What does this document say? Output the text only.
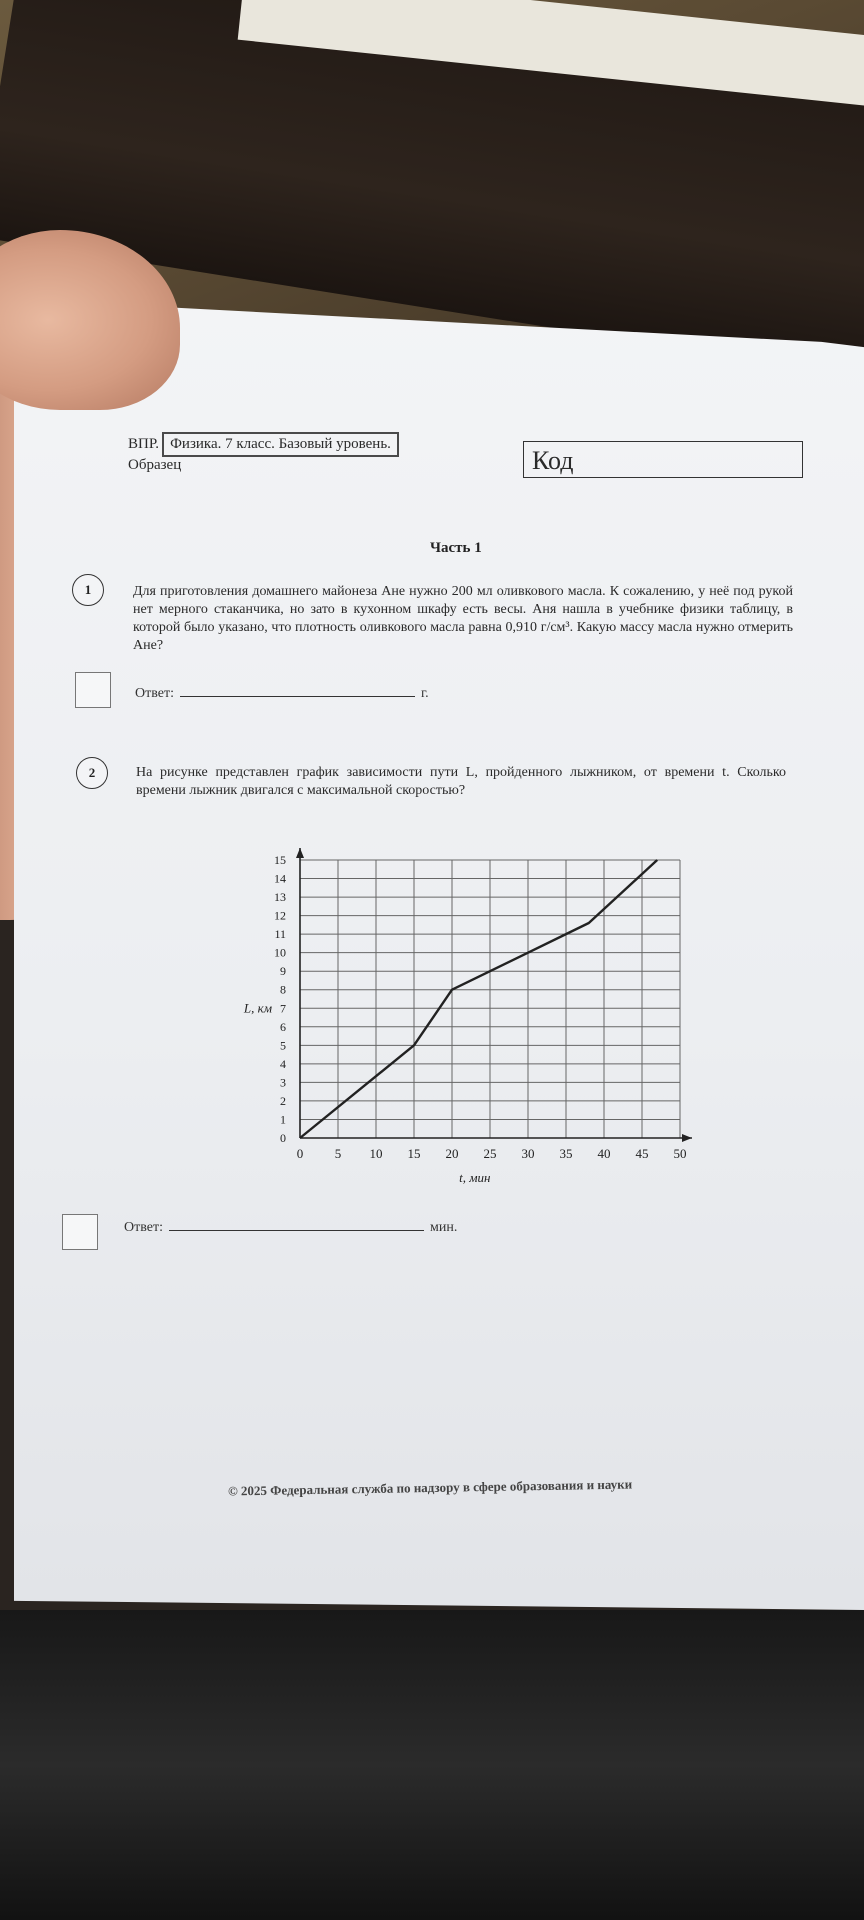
ВПР. Физика. 7 класс. Базовый уровень.
Образец	Код
Часть 1
1	Для приготовления домашнего майонеза Ане нужно 200 мл оливкового масла. К сожалению, у неё под рукой нет мерного стаканчика, но зато в кухонном шкафу есть весы. Аня нашла в учебнике физики таблицу, в которой было указано, что плотность оливкового масла равна 0,910 г/см³. Какую массу масла нужно отмерить Ане?
Ответ:	г.
2	На рисунке представлен график зависимости пути L, пройденного лыжником, от времени t. Сколько времени лыжник двигался с максимальной скоростью?
0 5 10 15 20 25 30 35 40 45 50
0
1
2
3
4
5
6
7
8
9
10
11
12
13
14
15
t, мин
L, км
Ответ:	мин.
© 2025 Федеральная служба по надзору в сфере образования и науки
